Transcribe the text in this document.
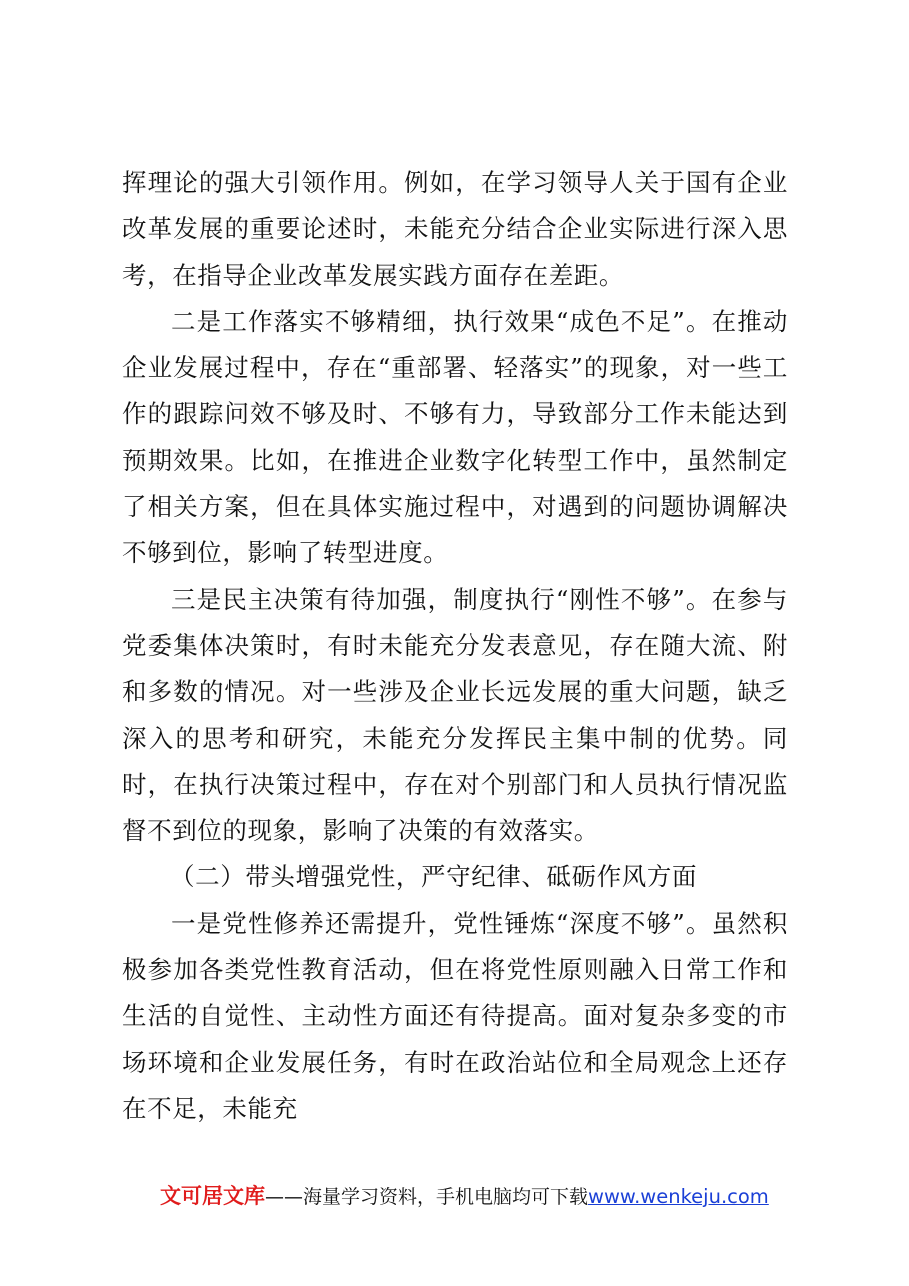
挥理论的强大引领作用。例如，在学习领导人关于国有企业改革发展的重要论述时，未能充分结合企业实际进行深入思考，在指导企业改革发展实践方面存在差距。

二是工作落实不够精细，执行效果“成色不足”。在推动企业发展过程中，存在“重部署、轻落实”的现象，对一些工作的跟踪问效不够及时、不够有力，导致部分工作未能达到预期效果。比如，在推进企业数字化转型工作中，虽然制定了相关方案，但在具体实施过程中，对遇到的问题协调解决不够到位，影响了转型进度。

三是民主决策有待加强，制度执行“刚性不够”。在参与党委集体决策时，有时未能充分发表意见，存在随大流、附和多数的情况。对一些涉及企业长远发展的重大问题，缺乏深入的思考和研究，未能充分发挥民主集中制的优势。同时，在执行决策过程中，存在对个别部门和人员执行情况监督不到位的现象，影响了决策的有效落实。

（二）带头增强党性，严守纪律、砥砺作风方面

一是党性修养还需提升，党性锤炼“深度不够”。虽然积极参加各类党性教育活动，但在将党性原则融入日常工作和生活的自觉性、主动性方面还有待提高。面对复杂多变的市场环境和企业发展任务，有时在政治站位和全局观念上还存在不足，未能充

文可居文库——海量学习资料，手机电脑均可下载www.wenkeju.com
